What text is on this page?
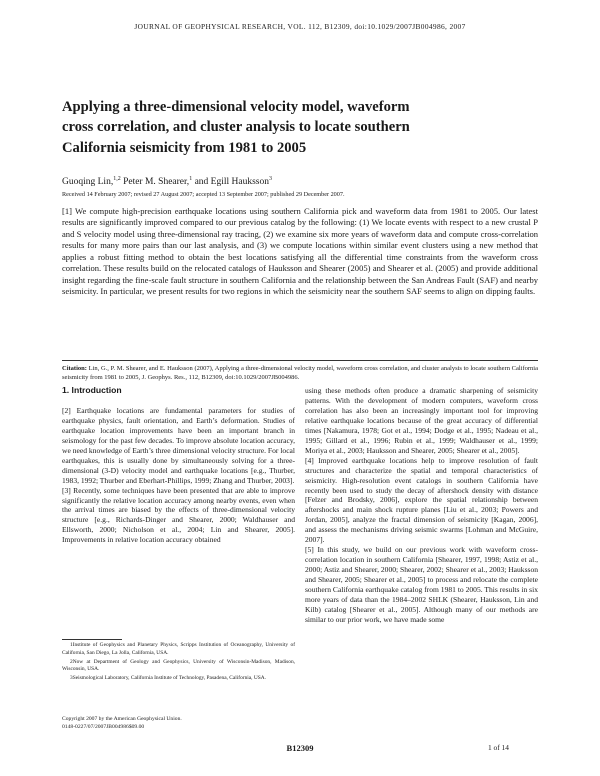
JOURNAL OF GEOPHYSICAL RESEARCH, VOL. 112, B12309, doi:10.1029/2007JB004986, 2007
Applying a three-dimensional velocity model, waveform cross correlation, and cluster analysis to locate southern California seismicity from 1981 to 2005
Guoqing Lin,$^{1,2}$ Peter M. Shearer,$^1$ and Egill Hauksson$^3$
Received 14 February 2007; revised 27 August 2007; accepted 13 September 2007; published 29 December 2007.

[1] We compute high-precision earthquake locations using southern California pick and waveform data from 1981 to 2005. Our latest results are significantly improved compared to our previous catalog by the following: (1) We locate events with respect to a new crustal P and S velocity model using three-dimensional ray tracing, (2) we examine six more years of waveform data and compute cross-correlation results for many more pairs than our last analysis, and (3) we compute locations within similar event clusters using a new method that applies a robust fitting method to obtain the best locations satisfying all the differential time constraints from the waveform cross correlation. These results build on the relocated catalogs of Hauksson and Shearer (2005) and Shearer et al. (2005) and provide additional insight regarding the fine-scale fault structure in southern California and the relationship between the San Andreas Fault (SAF) and nearby seismicity. In particular, we present results for two regions in which the seismicity near the southern SAF seems to align on dipping faults.

Citation: Lin, G., P. M. Shearer, and E. Hauksson (2007), Applying a three-dimensional velocity model, waveform cross correlation, and cluster analysis to locate southern California seismicity from 1981 to 2005, J. Geophys. Res., 112, B12309, doi:10.1029/2007JB004986.

1. Introduction

[2] Earthquake locations are fundamental parameters for studies of earthquake physics, fault orientation, and Earth’s deformation. Studies of earthquake location improvements have been an important branch in seismology for the past few decades. To improve absolute location accuracy, we need knowledge of Earth’s three dimensional velocity structure. For local earthquakes, this is usually done by simultaneously solving for a three-dimensional (3-D) velocity model and earthquake locations [e.g., Thurber, 1983, 1992; Thurber and Eberhart-Phillips, 1999; Zhang and Thurber, 2003].

[3] Recently, some techniques have been presented that are able to improve significantly the relative location accuracy among nearby events, even when the arrival times are biased by the effects of three-dimensional velocity structure [e.g., Richards-Dinger and Shearer, 2000; Waldhauser and Ellsworth, 2000; Nicholson et al., 2004; Lin and Shearer, 2005]. Improvements in relative location accuracy obtained

using these methods often produce a dramatic sharpening of seismicity patterns. With the development of modern computers, waveform cross correlation has also been an increasingly important tool for improving relative earthquake locations because of the great accuracy of differential times [Nakamura, 1978; Got et al., 1994; Dodge et al., 1995; Nadeau et al., 1995; Gillard et al., 1996; Rubin et al., 1999; Waldhauser et al., 1999; Moriya et al., 2003; Hauksson and Shearer, 2005; Shearer et al., 2005].

[4] Improved earthquake locations help to improve resolution of fault structures and characterize the spatial and temporal characteristics of seismicity. High-resolution event catalogs in southern California have recently been used to study the decay of aftershock density with distance [Felzer and Brodsky, 2006], explore the spatial relationship between aftershocks and main shock rupture planes [Liu et al., 2003; Powers and Jordan, 2005], analyze the fractal dimension of seismicity [Kagan, 2006], and assess the mechanisms driving seismic swarms [Lohman and McGuire, 2007].

[5] In this study, we build on our previous work with waveform cross-correlation location in southern California [Shearer, 1997, 1998; Astiz et al., 2000; Astiz and Shearer, 2000; Shearer, 2002; Shearer et al., 2003; Hauksson and Shearer, 2005; Shearer et al., 2005] to process and relocate the complete southern California earthquake catalog from 1981 to 2005. This results in six more years of data than the 1984–2002 SHLK (Shearer, Hauksson, Lin and Kilb) catalog [Shearer et al., 2005]. Although many of our methods are similar to our prior work, we have made some

1Institute of Geophysics and Planetary Physics, Scripps Institution of Oceanography, University of California, San Diego, La Jolla, California, USA.

2Now at Department of Geology and Geophysics, University of Wisconsin-Madison, Madison, Wisconsin, USA.

3Seismological Laboratory, California Institute of Technology, Pasadena, California, USA.

Copyright 2007 by the American Geophysical Union.
0148-0227/07/2007JB004986$09.00
B12309	1 of 14
